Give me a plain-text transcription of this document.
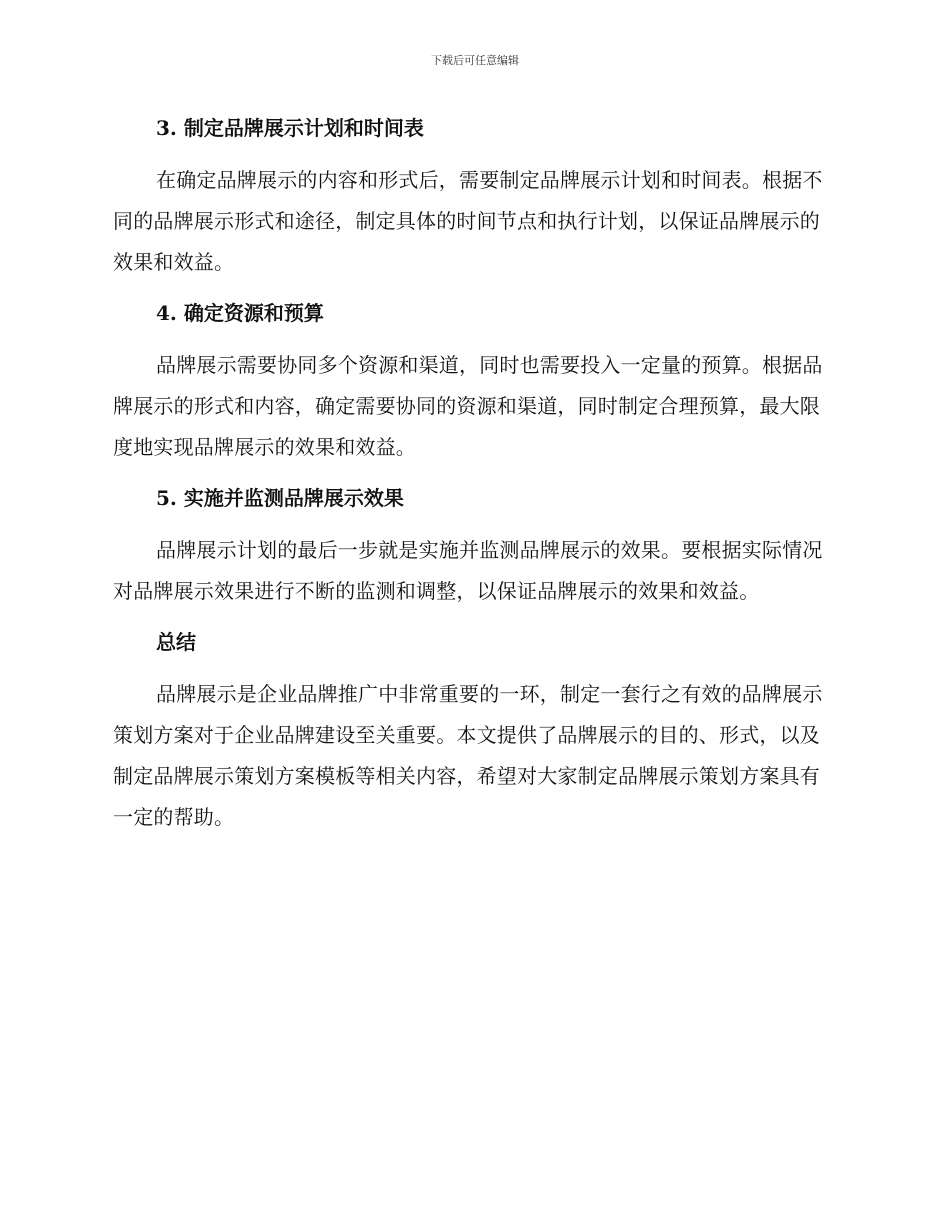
下载后可任意编辑
3. 制定品牌展示计划和时间表

在确定品牌展示的内容和形式后，需要制定品牌展示计划和时间表。根据不同的品牌展示形式和途径，制定具体的时间节点和执行计划，以保证品牌展示的效果和效益。

4. 确定资源和预算

品牌展示需要协同多个资源和渠道，同时也需要投入一定量的预算。根据品牌展示的形式和内容，确定需要协同的资源和渠道，同时制定合理预算，最大限度地实现品牌展示的效果和效益。

5. 实施并监测品牌展示效果

品牌展示计划的最后一步就是实施并监测品牌展示的效果。要根据实际情况对品牌展示效果进行不断的监测和调整，以保证品牌展示的效果和效益。

总结

品牌展示是企业品牌推广中非常重要的一环，制定一套行之有效的品牌展示策划方案对于企业品牌建设至关重要。本文提供了品牌展示的目的、形式，以及制定品牌展示策划方案模板等相关内容，希望对大家制定品牌展示策划方案具有一定的帮助。
